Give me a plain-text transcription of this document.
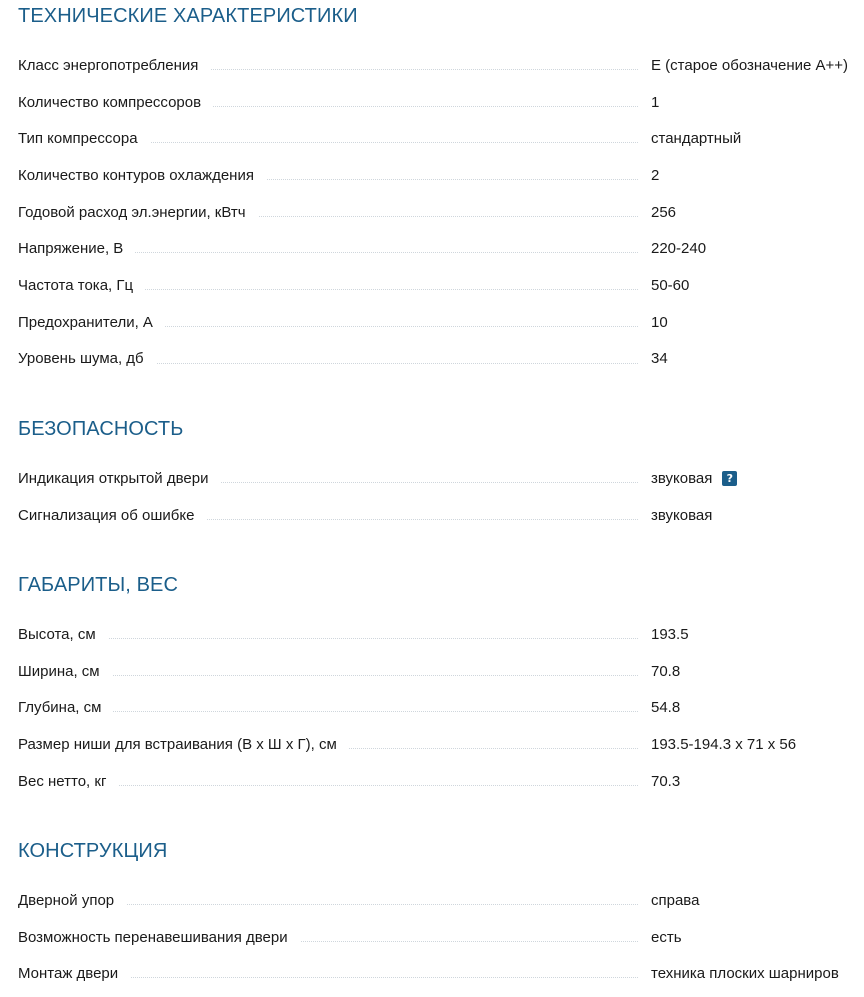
ТЕХНИЧЕСКИЕ ХАРАКТЕРИСТИКИ
Класс энергопотребления	E (старое обозначение A++)
Количество компрессоров	1
Тип компрессора	стандартный
Количество контуров охлаждения	2
Годовой расход эл.энергии, кВтч	256
Напряжение, В	220-240
Частота тока, Гц	50-60
Предохранители, А	10
Уровень шума, дб	34
БЕЗОПАСНОСТЬ
Индикация открытой двери	звуковая	?
Сигнализация об ошибке	звуковая
ГАБАРИТЫ, ВЕС
Высота, см	193.5
Ширина, см	70.8
Глубина, см	54.8
Размер ниши для встраивания (В х Ш х Г), см	193.5-194.3 x 71 x 56
Вес нетто, кг	70.3
КОНСТРУКЦИЯ
Дверной упор	справа
Возможность перенавешивания двери	есть
Монтаж двери	техника плоских шарниров
